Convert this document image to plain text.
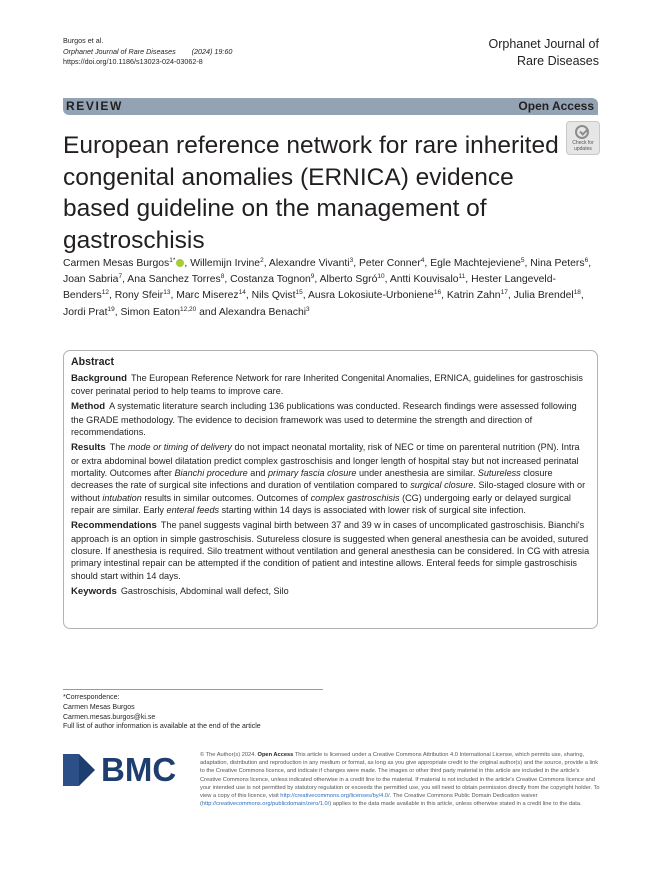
Burgos et al.
Orphanet Journal of Rare Diseases (2024) 19:60
https://doi.org/10.1186/s13023-024-03062-8
Orphanet Journal of
Rare Diseases
REVIEW	Open Access
European reference network for rare inherited congenital anomalies (ERNICA) evidence based guideline on the management of gastroschisis
Check for
updates
Carmen Mesas Burgos$^{1*}$ , Willemijn Irvine$^2$, Alexandre Vivanti$^3$, Peter Conner$^4$, Egle Machtejeviene$^5$, Nina Peters$^6$, Joan Sabria$^7$, Ana Sanchez Torres$^8$, Costanza Tognon$^9$, Alberto Sgró$^{10}$, Antti Kouvisalo$^{11}$, Hester Langeveld-Benders$^{12}$, Rony Sfeir$^{13}$, Marc Miserez$^{14}$, Nils Qvist$^{15}$, Ausra Lokosiute-Urboniene$^{16}$, Katrin Zahn$^{17}$, Julia Brendel$^{18}$, Jordi Prat$^{19}$, Simon Eaton$^{12,20}$ and Alexandra Benachi$^3$
Abstract

Background The European Reference Network for rare Inherited Congenital Anomalies, ERNICA, guidelines for gastroschisis cover perinatal period to help teams to improve care.

Method A systematic literature search including 136 publications was conducted. Research findings were assessed following the GRADE methodology. The evidence to decision framework was used to determine the strength and direction of recommendations.

Results The mode or timing of delivery do not impact neonatal mortality, risk of NEC or time on parenteral nutrition (PN). Intra or extra abdominal bowel dilatation predict complex gastroschisis and longer length of hospital stay but not increased perinatal mortality. Outcomes after Bianchi procedure and primary fascia closure under anesthesia are similar. Sutureless closure decreases the rate of surgical site infections and duration of ventilation compared to surgical closure. Silo-staged closure with or without intubation results in similar outcomes. Outcomes of complex gastroschisis (CG) undergoing early or delayed surgical repair are similar. Early enteral feeds starting within 14 days is associated with lower risk of surgical site infection.

Recommendations The panel suggests vaginal birth between 37 and 39 w in cases of uncomplicated gastroschisis. Bianchi's approach is an option in simple gastroschisis. Sutureless closure is suggested when general anesthesia can be avoided, sutured closure. If anesthesia is required. Silo treatment without ventilation and general anesthesia can be considered. In CG with atresia primary intestinal repair can be attempted if the condition of patient and intestine allows. Enteral feeds for simple gastroschisis should start within 14 days.

Keywords Gastroschisis, Abdominal wall defect, Silo

*Correspondence:
Carmen Mesas Burgos
Carmen.mesas.burgos@ki.se
Full list of author information is available at the end of the article
BMC	© The Author(s) 2024. Open Access This article is licensed under a Creative Commons Attribution 4.0 International License, which permits use, sharing, adaptation, distribution and reproduction in any medium or format, as long as you give appropriate credit to the original author(s) and the source, provide a link to the Creative Commons licence, and indicate if changes were made. The images or other third party material in this article are included in the article's Creative Commons licence, unless indicated otherwise in a credit line to the material. If material is not included in the article's Creative Commons licence and your intended use is not permitted by statutory regulation or exceeds the permitted use, you will need to obtain permission directly from the copyright holder. To view a copy of this licence, visit http://creativecommons.org/licenses/by/4.0/. The Creative Commons Public Domain Dedication waiver (http://creativecommons.org/publicdomain/zero/1.0/) applies to the data made available in this article, unless otherwise stated in a credit line to the data.
